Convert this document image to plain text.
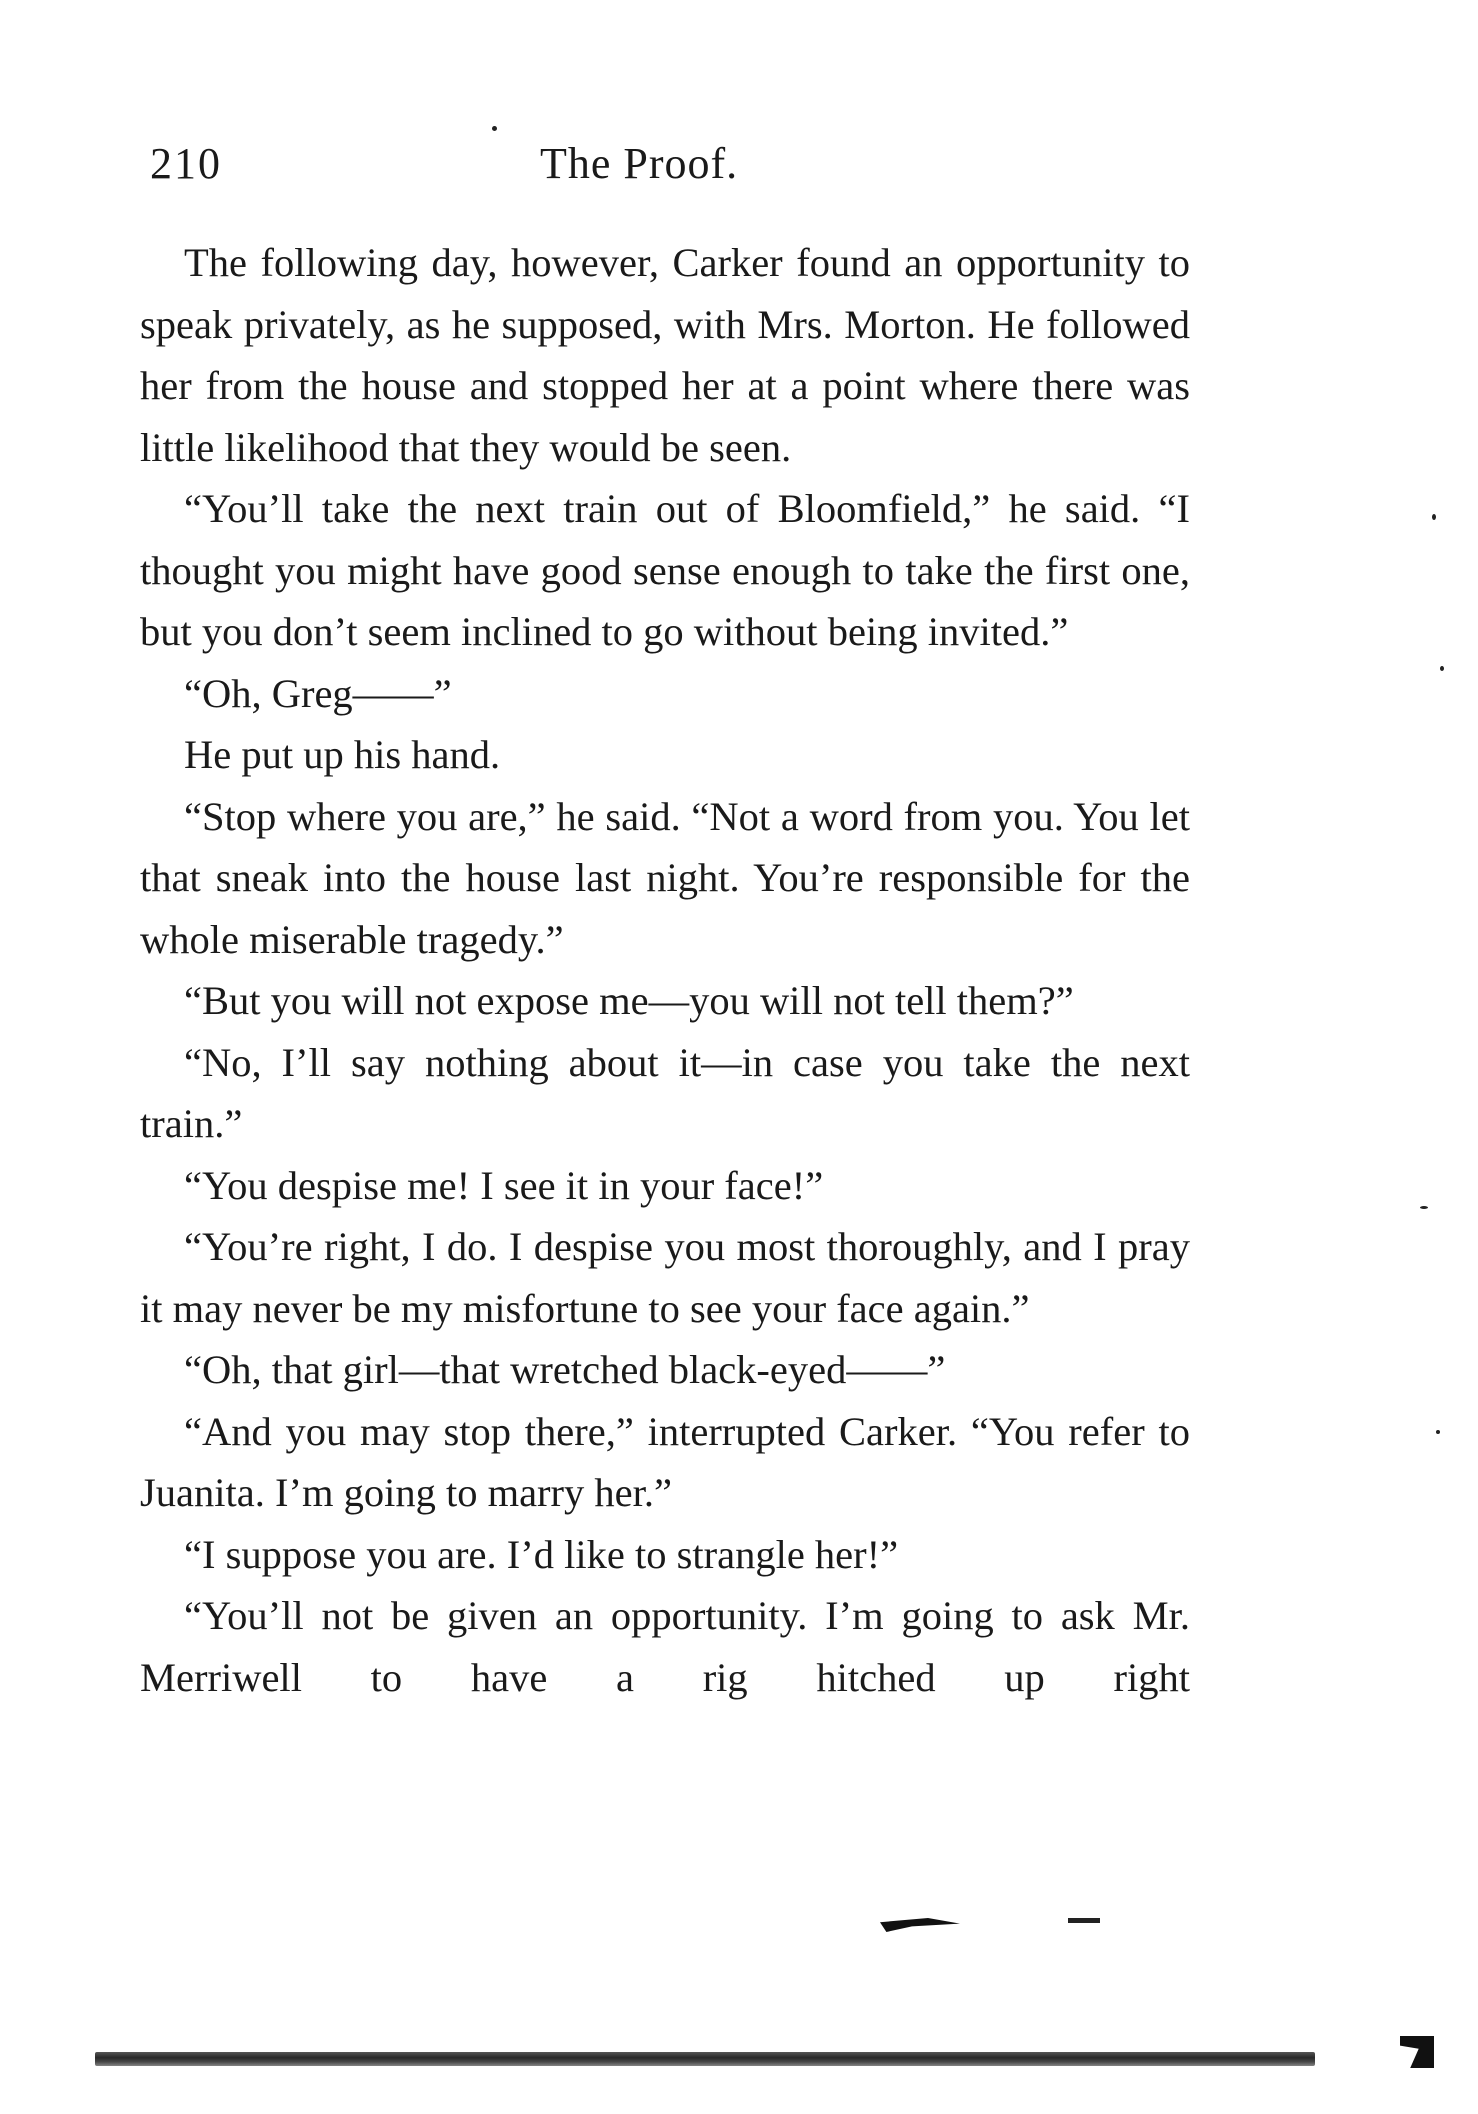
210	The Proof.

The following day, however, Carker found an opportunity to speak privately, as he supposed, with Mrs. Morton. He followed her from the house and stopped her at a point where there was little likelihood that they would be seen.

“You’ll take the next train out of Bloomfield,” he said. “I thought you might have good sense enough to take the first one, but you don’t seem inclined to go without being invited.”

“Oh, Greg——”

He put up his hand.

“Stop where you are,” he said. “Not a word from you. You let that sneak into the house last night. You’re responsible for the whole miserable tragedy.”

“But you will not expose me—you will not tell them?”

“No, I’ll say nothing about it—in case you take the next train.”

“You despise me! I see it in your face!”

“You’re right, I do. I despise you most thoroughly, and I pray it may never be my misfortune to see your face again.”

“Oh, that girl—that wretched black-eyed——”

“And you may stop there,” interrupted Carker. “You refer to Juanita. I’m going to marry her.”

“I suppose you are. I’d like to strangle her!”

“You’ll not be given an opportunity. I’m going to ask Mr. Merriwell to have a rig hitched up right
